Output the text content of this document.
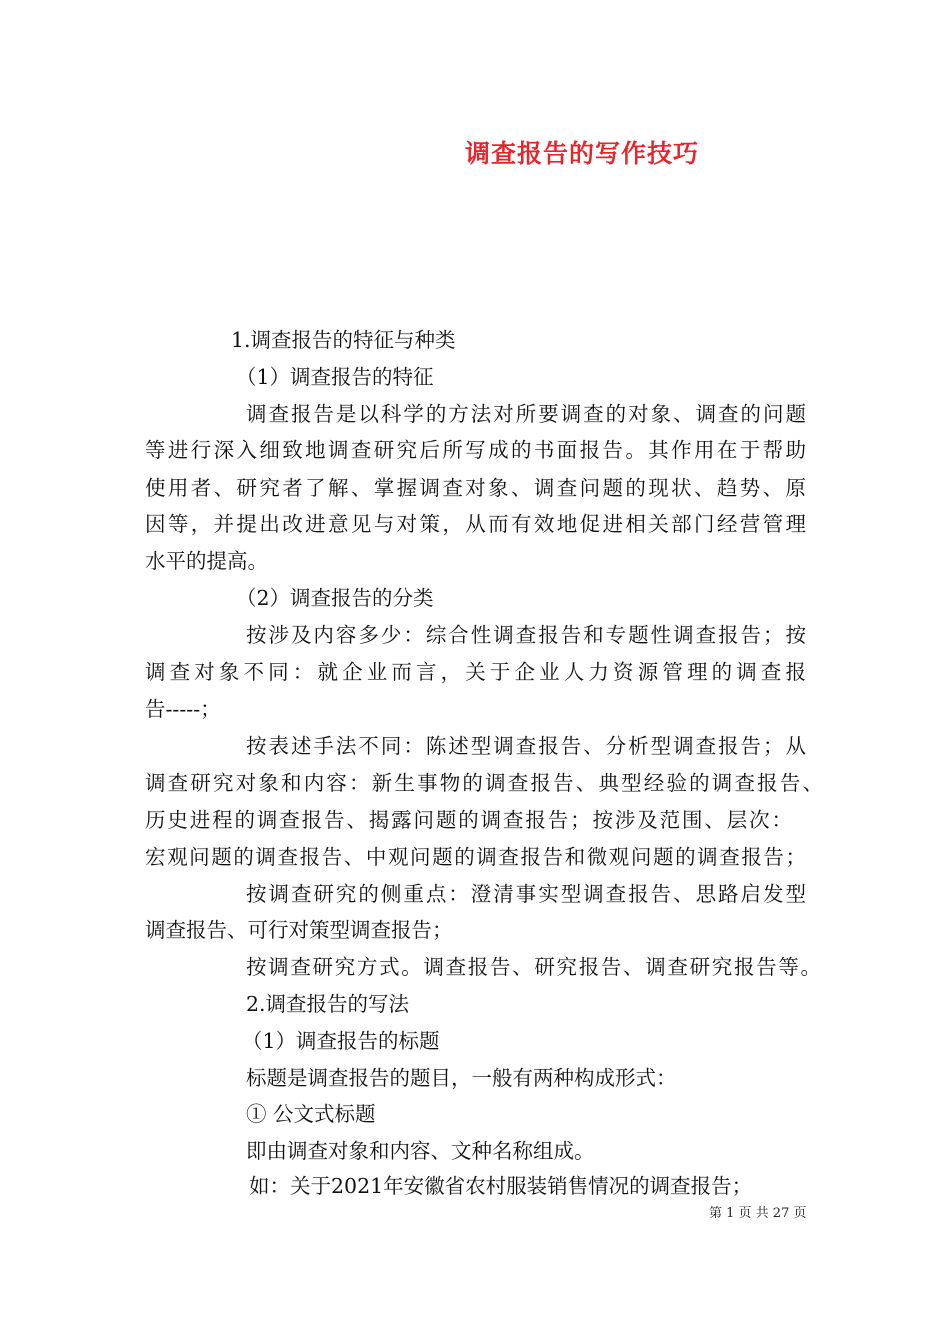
调查报告的写作技巧
1.调查报告的特征与种类
（1）调查报告的特征
调查报告是以科学的方法对所要调查的对象、调查的问题
等进行深入细致地调查研究后所写成的书面报告。其作用在于帮助
使用者、研究者了解、掌握调查对象、调查问题的现状、趋势、原
因等，并提出改进意见与对策，从而有效地促进相关部门经营管理
水平的提高。
（2）调查报告的分类
按涉及内容多少：综合性调查报告和专题性调查报告；按
调查对象不同：就企业而言，关于企业人力资源管理的调查报
告-----；
按表述手法不同：陈述型调查报告、分析型调查报告；从
调查研究对象和内容：新生事物的调查报告、典型经验的调查报告、
历史进程的调查报告、揭露问题的调查报告；按涉及范围、层次：
宏观问题的调查报告、中观问题的调查报告和微观问题的调查报告；
按调查研究的侧重点：澄清事实型调查报告、思路启发型
调查报告、可行对策型调查报告；
按调查研究方式。调查报告、研究报告、调查研究报告等。
2.调查报告的写法
（1）调查报告的标题
标题是调查报告的题目，一般有两种构成形式：
① 公文式标题
即由调查对象和内容、文种名称组成。
如：关于2021年安徽省农村服装销售情况的调查报告；
第 1 页 共 27 页
